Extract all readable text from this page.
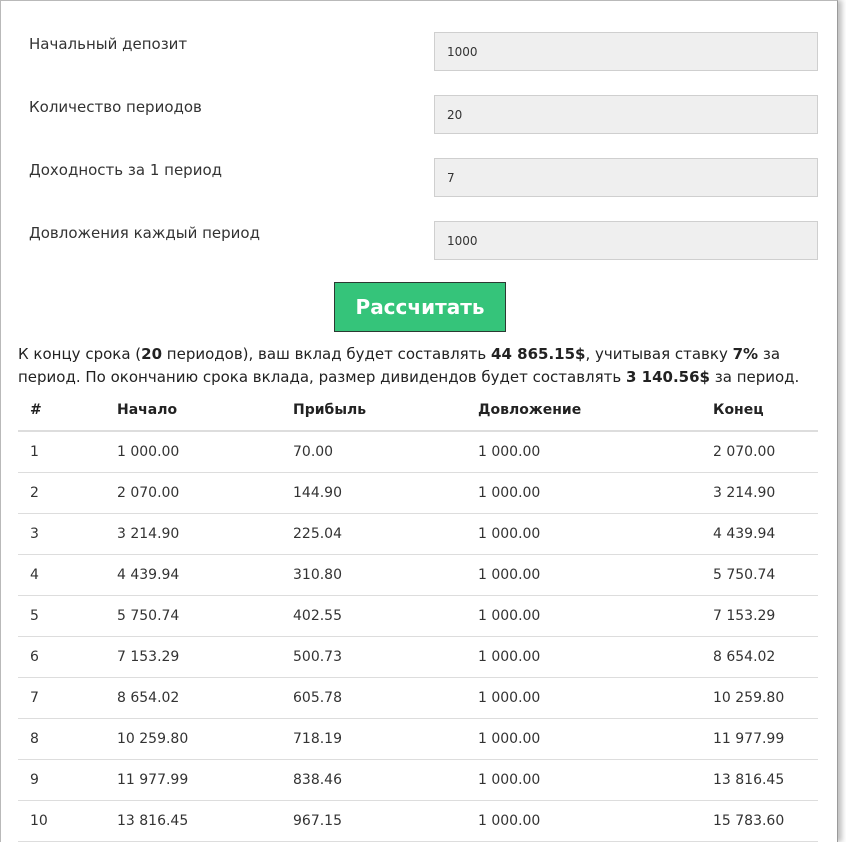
Начальный депозит
1000
Количество периодов
20
Доходность за 1 период
7
Довложения каждый период
1000
Рассчитать
К концу срока (20 периодов), ваш вклад будет составлять 44 865.15$, учитывая ставку 7% за период. По окончанию срока вклада, размер дивидендов будет составлять 3 140.56$ за период.
#	Начало	Прибыль	Довложение	Конец
1	1 000.00	70.00	1 000.00	2 070.00
2	2 070.00	144.90	1 000.00	3 214.90
3	3 214.90	225.04	1 000.00	4 439.94
4	4 439.94	310.80	1 000.00	5 750.74
5	5 750.74	402.55	1 000.00	7 153.29
6	7 153.29	500.73	1 000.00	8 654.02
7	8 654.02	605.78	1 000.00	10 259.80
8	10 259.80	718.19	1 000.00	11 977.99
9	11 977.99	838.46	1 000.00	13 816.45
10	13 816.45	967.15	1 000.00	15 783.60
